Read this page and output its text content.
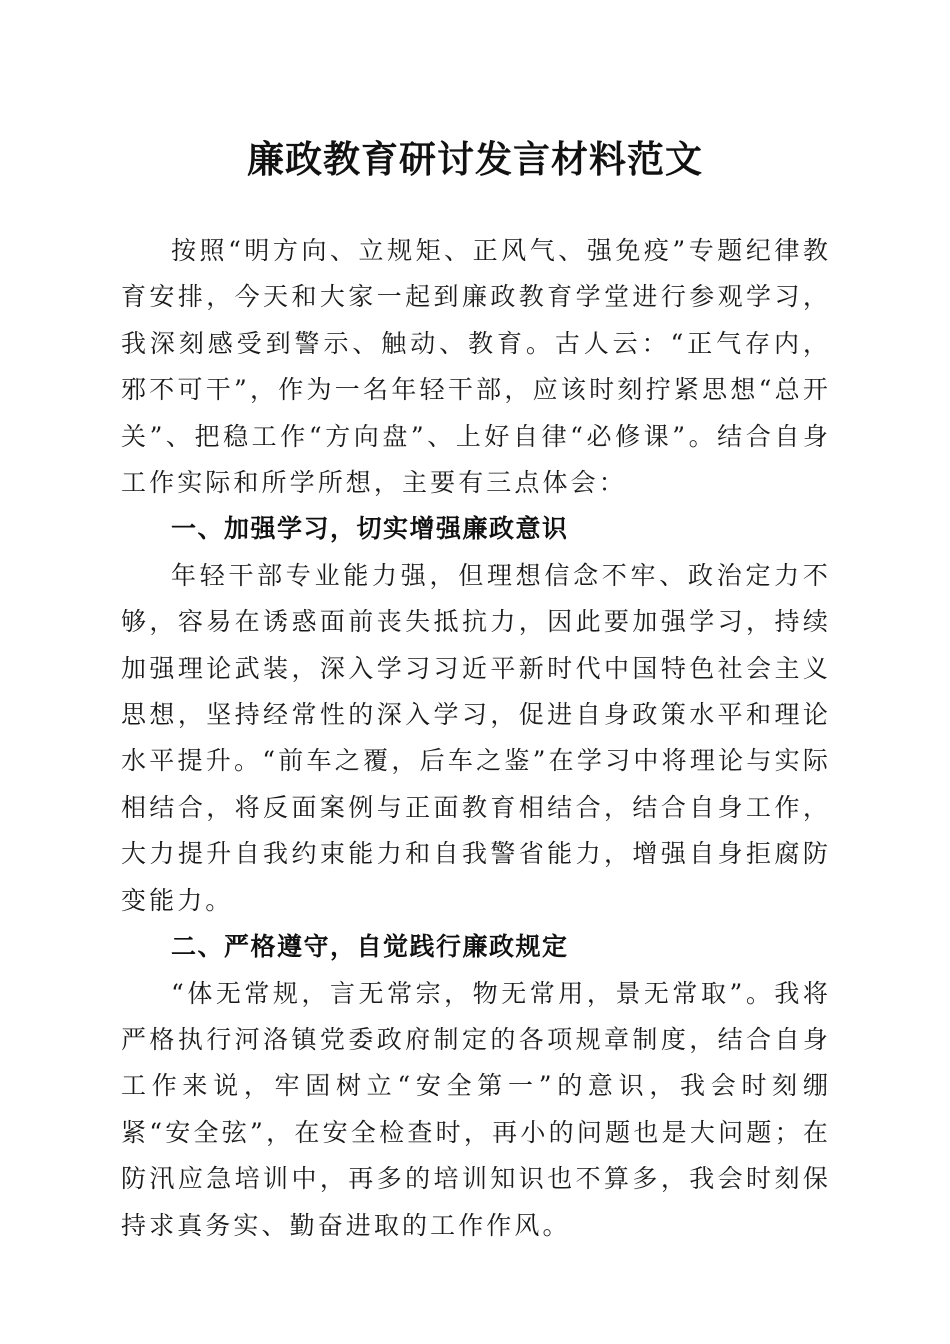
廉政教育研讨发言材料范文

按照“明方向、立规矩、正风气、强免疫”专题纪律教育安排，今天和大家一起到廉政教育学堂进行参观学习，我深刻感受到警示、触动、教育。古人云：“正气存内，邪不可干”，作为一名年轻干部，应该时刻拧紧思想“总开关”、把稳工作“方向盘”、上好自律“必修课”。结合自身工作实际和所学所想，主要有三点体会：

一、加强学习，切实增强廉政意识

年轻干部专业能力强，但理想信念不牢、政治定力不够，容易在诱惑面前丧失抵抗力，因此要加强学习，持续加强理论武装，深入学习习近平新时代中国特色社会主义思想，坚持经常性的深入学习，促进自身政策水平和理论水平提升。“前车之覆，后车之鉴”在学习中将理论与实际相结合，将反面案例与正面教育相结合，结合自身工作，大力提升自我约束能力和自我警省能力，增强自身拒腐防变能力。

二、严格遵守，自觉践行廉政规定

“体无常规，言无常宗，物无常用，景无常取”。我将严格执行河洛镇党委政府制定的各项规章制度，结合自身工作来说，牢固树立“安全第一”的意识，我会时刻绷紧“安全弦”，在安全检查时，再小的问题也是大问题；在防汛应急培训中，再多的培训知识也不算多，我会时刻保持求真务实、勤奋进取的工作作风。
